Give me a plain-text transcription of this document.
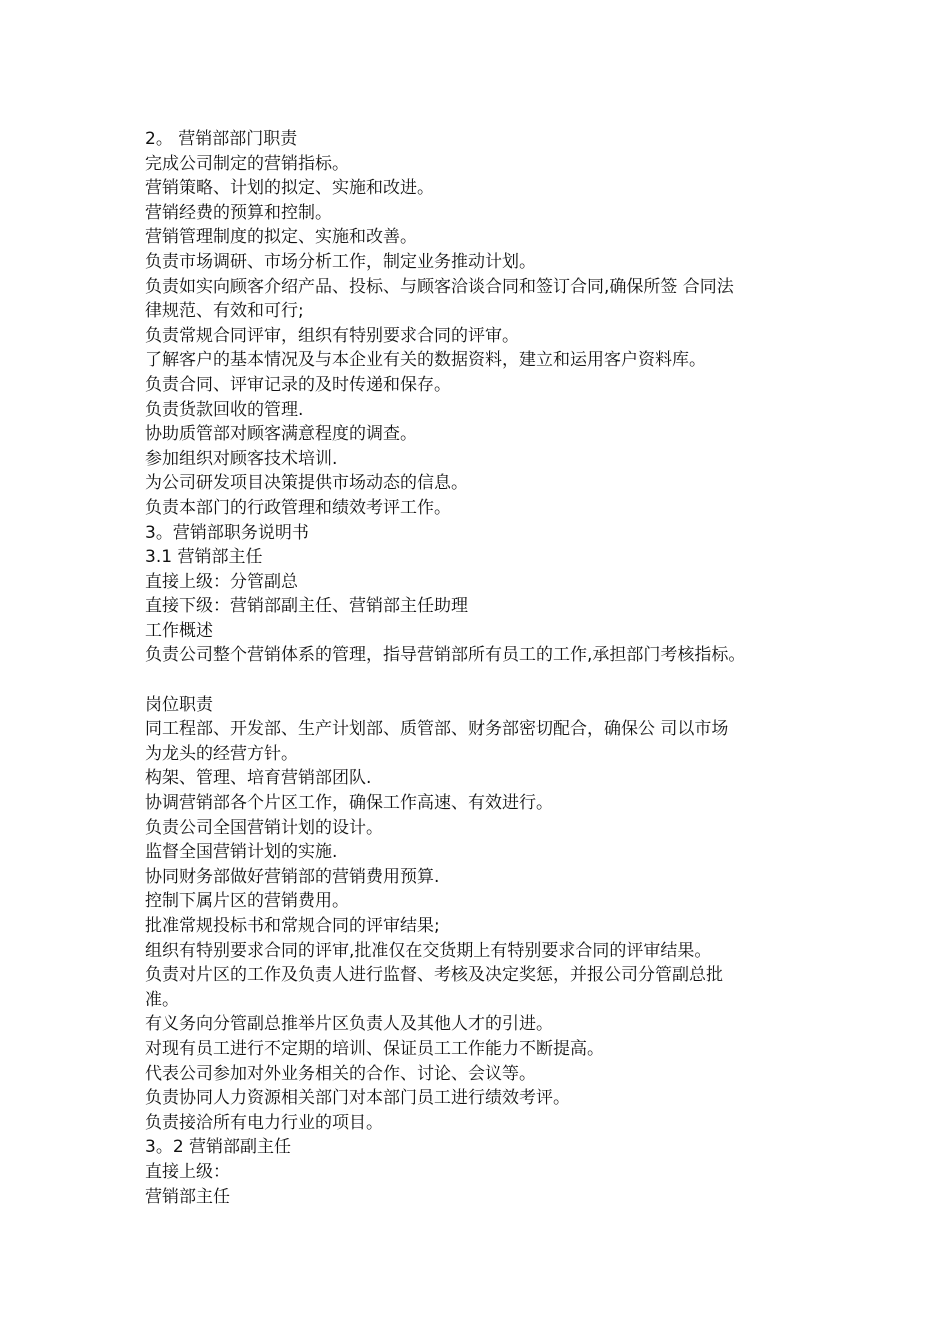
2。 营销部部门职责

完成公司制定的营销指标。

营销策略、计划的拟定、实施和改进。

营销经费的预算和控制。

营销管理制度的拟定、实施和改善。

负责市场调研、市场分析工作，制定业务推动计划。

负责如实向顾客介绍产品、投标、与顾客洽谈合同和签订合同,确保所签 合同法

律规范、有效和可行;

负责常规合同评审，组织有特别要求合同的评审。

了解客户的基本情况及与本企业有关的数据资料，建立和运用客户资料库。

负责合同、评审记录的及时传递和保存。

负责货款回收的管理.

协助质管部对顾客满意程度的调查。

参加组织对顾客技术培训.

为公司研发项目决策提供市场动态的信息。

负责本部门的行政管理和绩效考评工作。

3。营销部职务说明书

3.1 营销部主任

直接上级：分管副总

直接下级：营销部副主任、营销部主任助理

工作概述

负责公司整个营销体系的管理，指导营销部所有员工的工作,承担部门考核指标。

岗位职责

同工程部、开发部、生产计划部、质管部、财务部密切配合，确保公 司以市场

为龙头的经营方针。

构架、管理、培育营销部团队.

协调营销部各个片区工作，确保工作高速、有效进行。

负责公司全国营销计划的设计。

监督全国营销计划的实施.

协同财务部做好营销部的营销费用预算.

控制下属片区的营销费用。

批准常规投标书和常规合同的评审结果;

组织有特别要求合同的评审,批准仅在交货期上有特别要求合同的评审结果。

负责对片区的工作及负责人进行监督、考核及决定奖惩，并报公司分管副总批

准。

有义务向分管副总推举片区负责人及其他人才的引进。

对现有员工进行不定期的培训、保证员工工作能力不断提高。

代表公司参加对外业务相关的合作、讨论、会议等。

负责协同人力资源相关部门对本部门员工进行绩效考评。

负责接洽所有电力行业的项目。

3。2 营销部副主任

直接上级：

营销部主任
